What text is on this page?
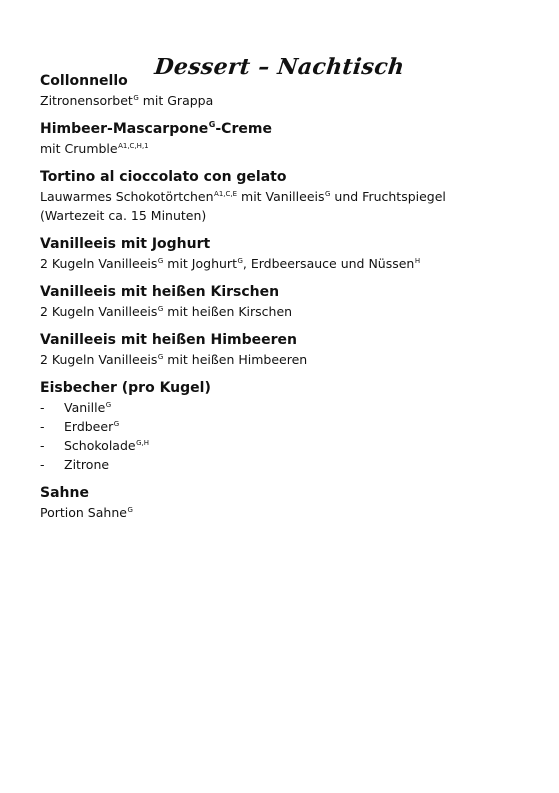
Dessert – Nachtisch

Collonnello

Zitronensorbet$^G$ mit Grappa

Himbeer-Mascarpone$^G$-Creme

mit Crumble$^{A1,C,H,1}$

Tortino al cioccolato con gelato

Lauwarmes Schokotörtchen$^{A1,C,E}$ mit Vanilleeis$^G$ und Fruchtspiegel

(Wartezeit ca. 15 Minuten)

Vanilleeis mit Joghurt

2 Kugeln Vanilleeis$^G$ mit Joghurt$^G$, Erdbeersauce und Nüssen$^H$

Vanilleeis mit heißen Kirschen

2 Kugeln Vanilleeis$^G$ mit heißen Kirschen

Vanilleeis mit heißen Himbeeren

2 Kugeln Vanilleeis$^G$ mit heißen Himbeeren

Eisbecher (pro Kugel)

-	Vanille$^G$
-	Erdbeer$^G$
-	Schokolade$^{G,H}$
-	Zitrone

Sahne

Portion Sahne$^G$
